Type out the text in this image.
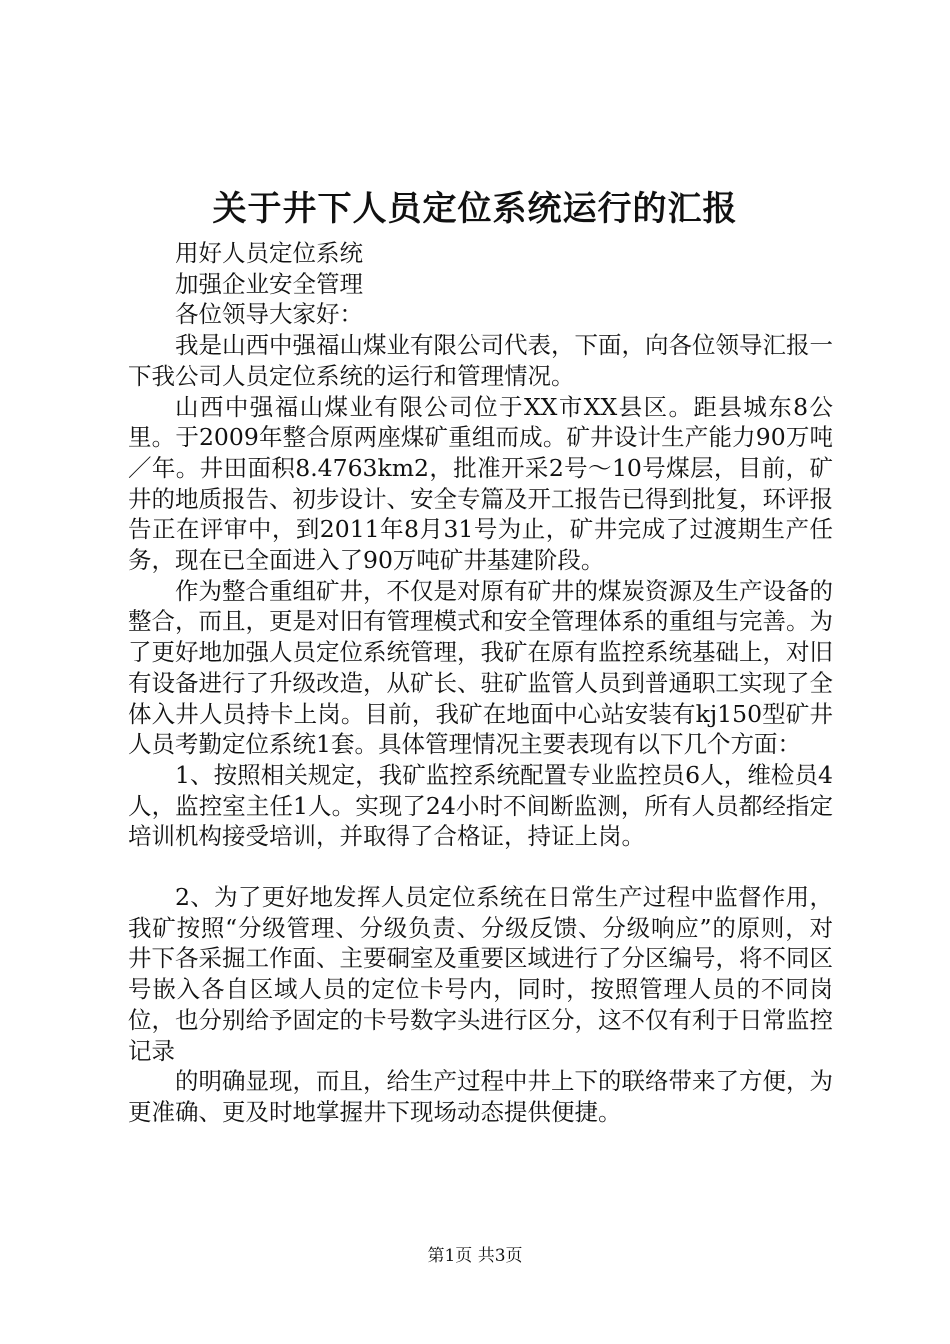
关于井下人员定位系统运行的汇报

用好人员定位系统

加强企业安全管理

各位领导大家好：

我是山西中强福山煤业有限公司代表，下面，向各位领导汇报一下我公司人员定位系统的运行和管理情况。

山西中强福山煤业有限公司位于XX市XX县区。距县城东8公里。于2009年整合原两座煤矿重组而成。矿井设计生产能力90万吨／年。井田面积8.4763km2，批准开采2号～10号煤层，目前，矿井的地质报告、初步设计、安全专篇及开工报告已得到批复，环评报告正在评审中，到2011年8月31号为止，矿井完成了过渡期生产任务，现在已全面进入了90万吨矿井基建阶段。

作为整合重组矿井，不仅是对原有矿井的煤炭资源及生产设备的整合，而且，更是对旧有管理模式和安全管理体系的重组与完善。为了更好地加强人员定位系统管理，我矿在原有监控系统基础上，对旧有设备进行了升级改造，从矿长、驻矿监管人员到普通职工实现了全体入井人员持卡上岗。目前，我矿在地面中心站安装有kj150型矿井人员考勤定位系统1套。具体管理情况主要表现有以下几个方面：

1、按照相关规定，我矿监控系统配置专业监控员6人，维检员4人，监控室主任1人。实现了24小时不间断监测，所有人员都经指定培训机构接受培训，并取得了合格证，持证上岗。

2、为了更好地发挥人员定位系统在日常生产过程中监督作用，我矿按照“分级管理、分级负责、分级反馈、分级响应”的原则，对井下各采掘工作面、主要硐室及重要区域进行了分区编号，将不同区号嵌入各自区域人员的定位卡号内，同时，按照管理人员的不同岗位，也分别给予固定的卡号数字头进行区分，这不仅有利于日常监控记录

的明确显现，而且，给生产过程中井上下的联络带来了方便，为更准确、更及时地掌握井下现场动态提供便捷。

第1页 共3页
